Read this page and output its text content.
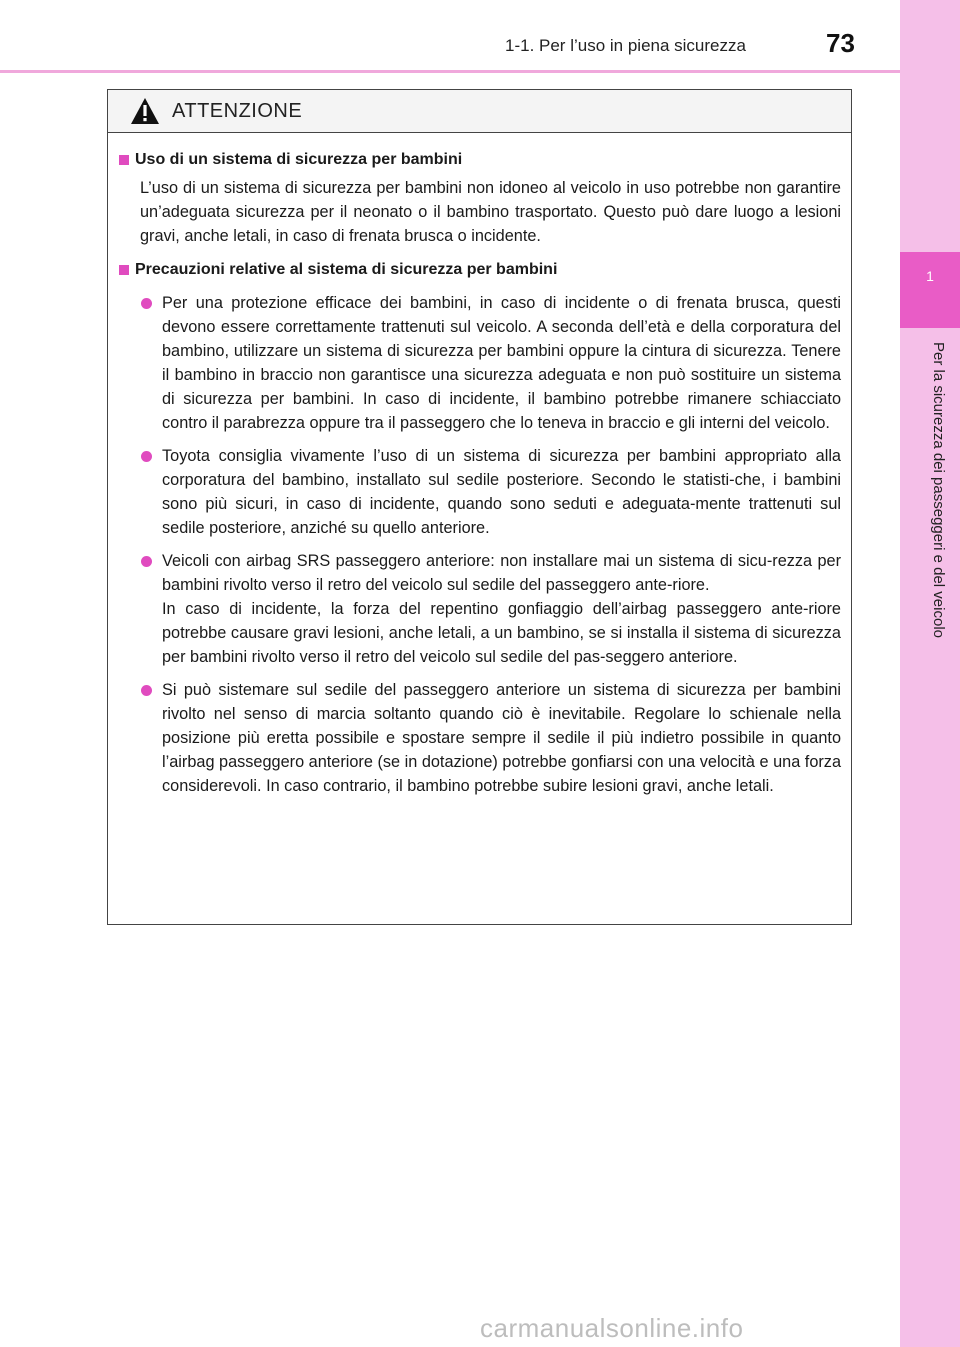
1-1. Per l’uso in piena sicurezza	73
1
Per la sicurezza dei passeggeri e del veicolo
ATTENZIONE
Uso di un sistema di sicurezza per bambini
L’uso di un sistema di sicurezza per bambini non idoneo al veicolo in uso potrebbe non garantire un’adeguata sicurezza per il neonato o il bambino trasportato. Questo può dare luogo a lesioni gravi, anche letali, in caso di frenata brusca o incidente.
Precauzioni relative al sistema di sicurezza per bambini
Per una protezione efficace dei bambini, in caso di incidente o di frenata brusca, questi devono essere correttamente trattenuti sul veicolo. A seconda dell’età e della corporatura del bambino, utilizzare un sistema di sicurezza per bambini oppure la cintura di sicurezza. Tenere il bambino in braccio non garantisce una sicurezza adeguata e non può sostituire un sistema di sicurezza per bambini. In caso di incidente, il bambino potrebbe rimanere schiacciato contro il parabrezza oppure tra il passeggero che lo teneva in braccio e gli interni del veicolo.
Toyota consiglia vivamente l’uso di un sistema di sicurezza per bambini appropriato alla corporatura del bambino, installato sul sedile posteriore. Secondo le statisti-che, i bambini sono più sicuri, in caso di incidente, quando sono seduti e adeguata-mente trattenuti sul sedile posteriore, anziché su quello anteriore.
Veicoli con airbag SRS passeggero anteriore: non installare mai un sistema di sicu-rezza per bambini rivolto verso il retro del veicolo sul sedile del passeggero ante-riore.
In caso di incidente, la forza del repentino gonfiaggio dell’airbag passeggero ante-riore potrebbe causare gravi lesioni, anche letali, a un bambino, se si installa il sistema di sicurezza per bambini rivolto verso il retro del veicolo sul sedile del pas-seggero anteriore.
Si può sistemare sul sedile del passeggero anteriore un sistema di sicurezza per bambini rivolto nel senso di marcia soltanto quando ciò è inevitabile. Regolare lo schienale nella posizione più eretta possibile e spostare sempre il sedile il più indietro possibile in quanto l’airbag passeggero anteriore (se in dotazione) potrebbe gonfiarsi con una velocità e una forza considerevoli. In caso contrario, il bambino potrebbe subire lesioni gravi, anche letali.
carmanualsonline.info
